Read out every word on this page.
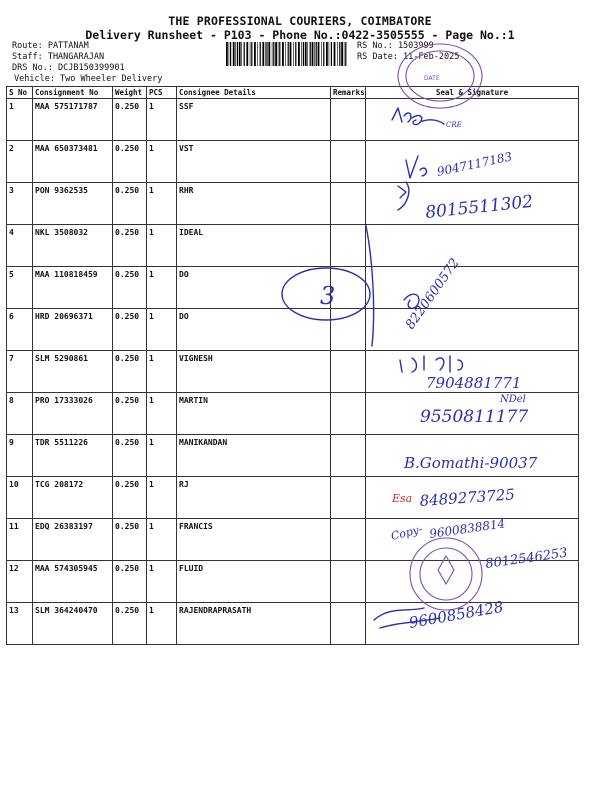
THE PROFESSIONAL COURIERS, COIMBATORE
Delivery Runsheet - P103 - Phone No.:0422-3505555 - Page No.:1
Route: PATTANAM
Staff: THANGARAJAN
DRS No.: DCJB150399901
Vehicle: Two Wheeler Delivery
RS No.: 1503999
RS Date: 11-Feb-2025
S No	Consignment No	Weight	PCS	Consignee Details	Remarks	Seal & Signature
1	MAA 575171787	0.250	1	SSF		
2	MAA 650373481	0.250	1	VST		
3	PON 9362535	0.250	1	RHR		
4	NKL 3508032	0.250	1	IDEAL		
5	MAA 110818459	0.250	1	DO		
6	HRD 20696371	0.250	1	DO		
7	SLM 5290861	0.250	1	VIGNESH		
8	PRO 17333026	0.250	1	MARTIN		
9	TDR 5511226	0.250	1	MANIKANDAN		
10	TCG 208172	0.250	1	RJ		
11	EDQ 26383197	0.250	1	FRANCIS		
12	MAA 574305945	0.250	1	FLUID		
13	SLM 364240470	0.250	1	RAJENDRAPRASATH		
DATE
CRE
9047117183
8015511302
3	8220600572
7904881771
NDel
9550811177
B.Gomathi-90037
Esa 8489273725
Copy- 9600838814
8012546253
9600858428
